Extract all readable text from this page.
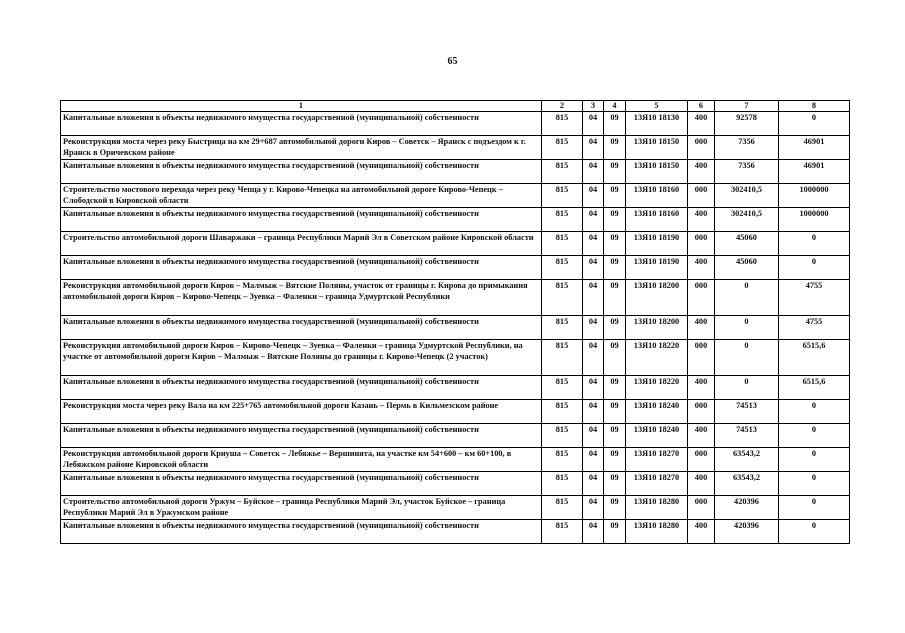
65
1	2	3	4	5	6	7	8
Капитальные вложения в объекты недвижимого имущества государственной (муниципальной) собственности	815	04	09	13Я10 18130	400	92578	0
Реконструкция моста через реку Быстрица на км 29+687 автомобильной дороги Киров – Советск – Яранск с подъездом к г. Яранск в Оричевском районе	815	04	09	13Я10 18150	000	7356	46901
Капитальные вложения в объекты недвижимого имущества государственной (муниципальной) собственности	815	04	09	13Я10 18150	400	7356	46901
Строительство мостового перехода через реку Чепца у г. Кирово-Чепецка на автомобильной дороге Кирово-Чепецк – Слободской в Кировской области	815	04	09	13Я10 18160	000	302410,5	1000000
Капитальные вложения в объекты недвижимого имущества государственной (муниципальной) собственности	815	04	09	13Я10 18160	400	302410,5	1000000
Строительство автомобильной дороги Шаваржаки – граница Республики Марий Эл в Советском районе Кировской области	815	04	09	13Я10 18190	000	45060	0
Капитальные вложения в объекты недвижимого имущества государственной (муниципальной) собственности	815	04	09	13Я10 18190	400	45060	0
Реконструкция автомобильной дороги Киров – Малмыж – Вятские Поляны, участок от границы г. Кирова до примыкания автомобильной дороги Киров – Кирово-Чепецк – Зуевка – Фаленки – граница Удмуртской Республики	815	04	09	13Я10 18200	000	0	4755
Капитальные вложения в объекты недвижимого имущества государственной (муниципальной) собственности	815	04	09	13Я10 18200	400	0	4755
Реконструкция автомобильной дороги Киров – Кирово-Чепецк – Зуевка – Фаленки – граница Удмуртской Республики, на участке от автомобильной дороги Киров – Малмыж – Вятские Поляны до границы г. Кирово-Чепецк (2 участок)	815	04	09	13Я10 18220	000	0	6515,6
Капитальные вложения в объекты недвижимого имущества государственной (муниципальной) собственности	815	04	09	13Я10 18220	400	0	6515,6
Реконструкция моста через реку Вала на км 225+765 автомобильной дороги Казань – Пермь в Кильмезском районе	815	04	09	13Я10 18240	000	74513	0
Капитальные вложения в объекты недвижимого имущества государственной (муниципальной) собственности	815	04	09	13Я10 18240	400	74513	0
Реконструкция автомобильной дороги Криуша – Советск – Лебяжье – Вершинята, на участке км 54+600 – км 60+100, в Лебяжском районе Кировской области	815	04	09	13Я10 18270	000	63543,2	0
Капитальные вложения в объекты недвижимого имущества государственной (муниципальной) собственности	815	04	09	13Я10 18270	400	63543,2	0
Строительство автомобильной дороги Уржум – Буйское – граница Республики Марий Эл, участок Буйское – граница Республики Марий Эл в Уржумском районе	815	04	09	13Я10 18280	000	420396	0
Капитальные вложения в объекты недвижимого имущества государственной (муниципальной) собственности	815	04	09	13Я10 18280	400	420396	0
